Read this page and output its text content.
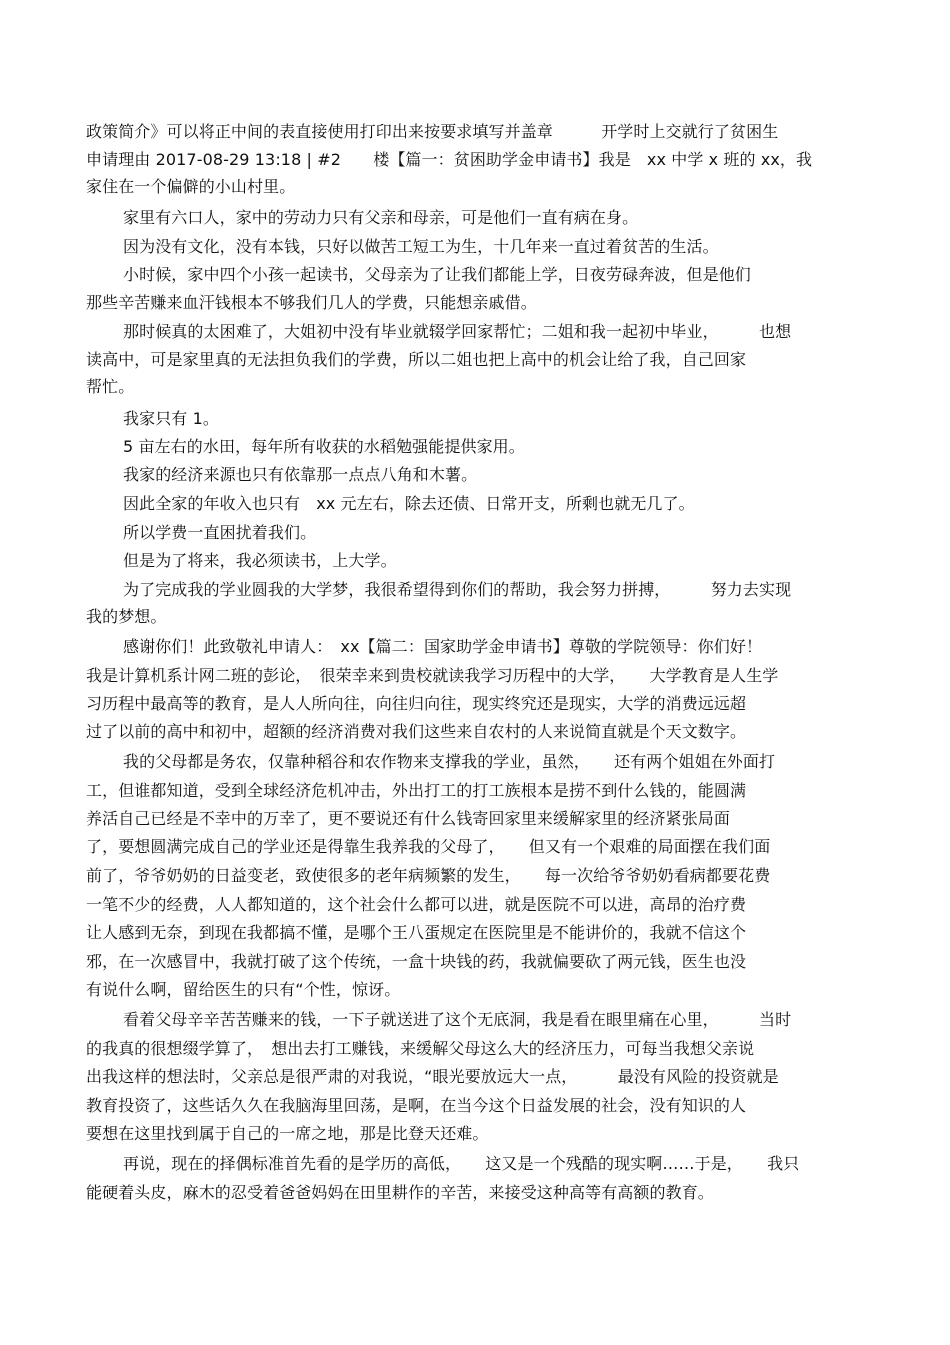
政策简介》可以将正中间的表直接使用打印出来按要求填写并盖章　　　开学时上交就行了贫困生
申请理由 2017-08-29 13:18 | #2　　楼【篇一：贫困助学金申请书】我是　xx 中学 x 班的 xx，我
家住在一个偏僻的小山村里。
家里有六口人，家中的劳动力只有父亲和母亲，可是他们一直有病在身。
因为没有文化，没有本钱，只好以做苦工短工为生，十几年来一直过着贫苦的生活。
小时候，家中四个小孩一起读书，父母亲为了让我们都能上学，日夜劳碌奔波，但是他们
那些辛苦赚来血汗钱根本不够我们几人的学费，只能想亲戚借。
那时候真的太困难了，大姐初中没有毕业就辍学回家帮忙；二姐和我一起初中毕业，　　　也想
读高中，可是家里真的无法担负我们的学费，所以二姐也把上高中的机会让给了我，自己回家
帮忙。
我家只有 1。
5 亩左右的水田，每年所有收获的水稻勉强能提供家用。
我家的经济来源也只有依靠那一点点八角和木薯。
因此全家的年收入也只有　xx 元左右，除去还债、日常开支，所剩也就无几了。
所以学费一直困扰着我们。
但是为了将来，我必须读书，上大学。
为了完成我的学业圆我的大学梦，我很希望得到你们的帮助，我会努力拼搏，　　　努力去实现
我的梦想。
感谢你们！此致敬礼申请人：　xx【篇二：国家助学金申请书】尊敬的学院领导：你们好！
我是计算机系计网二班的彭论，　很荣幸来到贵校就读我学习历程中的大学，　　大学教育是人生学
习历程中最高等的教育，是人人所向往，向往归向往，现实终究还是现实，大学的消费远远超
过了以前的高中和初中，超额的经济消费对我们这些来自农村的人来说简直就是个天文数字。
我的父母都是务农，仅靠种稻谷和农作物来支撑我的学业，虽然，　　还有两个姐姐在外面打
工，但谁都知道，受到全球经济危机冲击，外出打工的打工族根本是捞不到什么钱的，能圆满
养活自己已经是不幸中的万幸了，更不要说还有什么钱寄回家里来缓解家里的经济紧张局面
了，要想圆满完成自己的学业还是得靠生我养我的父母了，　　但又有一个艰难的局面摆在我们面
前了，爷爷奶奶的日益变老，致使很多的老年病频繁的发生，　　每一次给爷爷奶奶看病都要花费
一笔不少的经费，人人都知道的，这个社会什么都可以进，就是医院不可以进，高昂的治疗费
让人感到无奈，到现在我都搞不懂，是哪个王八蛋规定在医院里是不能讲价的，我就不信这个
邪，在一次感冒中，我就打破了这个传统，一盒十块钱的药，我就偏要砍了两元钱，医生也没
有说什么啊，留给医生的只有“个性，惊讶。
看着父母辛辛苦苦赚来的钱，一下子就送进了这个无底洞，我是看在眼里痛在心里，　　　当时
的我真的很想缀学算了，　想出去打工赚钱，来缓解父母这么大的经济压力，可每当我想父亲说
出我这样的想法时，父亲总是很严肃的对我说，“眼光要放远大一点，　　　最没有风险的投资就是
教育投资了，这些话久久在我脑海里回荡，是啊，在当今这个日益发展的社会，没有知识的人
要想在这里找到属于自己的一席之地，那是比登天还难。
再说，现在的择偶标准首先看的是学历的高低，　　这又是一个残酷的现实啊……于是，　　我只
能硬着头皮，麻木的忍受着爸爸妈妈在田里耕作的辛苦，来接受这种高等有高额的教育。
